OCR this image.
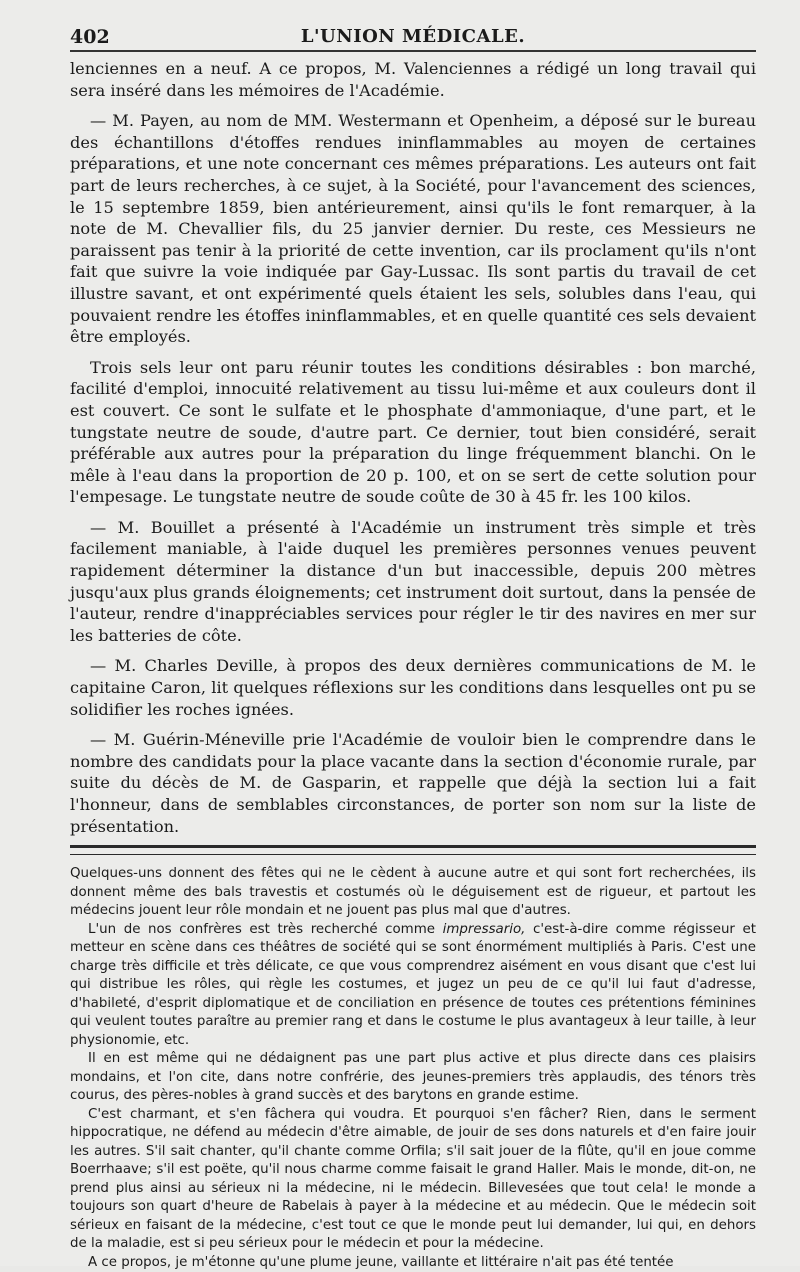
402	L'UNION MÉDICALE.

lenciennes en a neuf. A ce propos, M. Valenciennes a rédigé un long travail qui sera inséré dans les mémoires de l'Académie.

— M. Payen, au nom de MM. Westermann et Openheim, a déposé sur le bureau des échantillons d'étoffes rendues ininflammables au moyen de certaines préparations, et une note concernant ces mêmes préparations. Les auteurs ont fait part de leurs recherches, à ce sujet, à la Société, pour l'avancement des sciences, le 15 septembre 1859, bien antérieurement, ainsi qu'ils le font remarquer, à la note de M. Chevallier fils, du 25 janvier dernier. Du reste, ces Messieurs ne paraissent pas tenir à la priorité de cette invention, car ils proclament qu'ils n'ont fait que suivre la voie indiquée par Gay-Lussac. Ils sont partis du travail de cet illustre savant, et ont expérimenté quels étaient les sels, solubles dans l'eau, qui pouvaient rendre les étoffes ininflammables, et en quelle quantité ces sels devaient être employés.

Trois sels leur ont paru réunir toutes les conditions désirables : bon marché, facilité d'emploi, innocuité relativement au tissu lui-même et aux couleurs dont il est couvert. Ce sont le sulfate et le phosphate d'ammoniaque, d'une part, et le tungstate neutre de soude, d'autre part. Ce dernier, tout bien considéré, serait préférable aux autres pour la préparation du linge fréquemment blanchi. On le mêle à l'eau dans la proportion de 20 p. 100, et on se sert de cette solution pour l'empesage. Le tungstate neutre de soude coûte de 30 à 45 fr. les 100 kilos.

— M. Bouillet a présenté à l'Académie un instrument très simple et très facilement maniable, à l'aide duquel les premières personnes venues peuvent rapidement déterminer la distance d'un but inaccessible, depuis 200 mètres jusqu'aux plus grands éloignements; cet instrument doit surtout, dans la pensée de l'auteur, rendre d'inappréciables services pour régler le tir des navires en mer sur les batteries de côte.

— M. Charles Deville, à propos des deux dernières communications de M. le capitaine Caron, lit quelques réflexions sur les conditions dans lesquelles ont pu se solidifier les roches ignées.

— M. Guérin-Méneville prie l'Académie de vouloir bien le comprendre dans le nombre des candidats pour la place vacante dans la section d'économie rurale, par suite du décès de M. de Gasparin, et rappelle que déjà la section lui a fait l'honneur, dans de semblables circonstances, de porter son nom sur la liste de présentation.

Quelques-uns donnent des fêtes qui ne le cèdent à aucune autre et qui sont fort recherchées, ils donnent même des bals travestis et costumés où le déguisement est de rigueur, et partout les médecins jouent leur rôle mondain et ne jouent pas plus mal que d'autres.

L'un de nos confrères est très recherché comme impressario, c'est-à-dire comme régisseur et metteur en scène dans ces théâtres de société qui se sont énormément multipliés à Paris. C'est une charge très difficile et très délicate, ce que vous comprendrez aisément en vous disant que c'est lui qui distribue les rôles, qui règle les costumes, et jugez un peu de ce qu'il lui faut d'adresse, d'habileté, d'esprit diplomatique et de conciliation en présence de toutes ces prétentions féminines qui veulent toutes paraître au premier rang et dans le costume le plus avantageux à leur taille, à leur physionomie, etc.

Il en est même qui ne dédaignent pas une part plus active et plus directe dans ces plaisirs mondains, et l'on cite, dans notre confrérie, des jeunes-premiers très applaudis, des ténors très courus, des pères-nobles à grand succès et des barytons en grande estime.

C'est charmant, et s'en fâchera qui voudra. Et pourquoi s'en fâcher? Rien, dans le serment hippocratique, ne défend au médecin d'être aimable, de jouir de ses dons naturels et d'en faire jouir les autres. S'il sait chanter, qu'il chante comme Orfila; s'il sait jouer de la flûte, qu'il en joue comme Boerrhaave; s'il est poëte, qu'il nous charme comme faisait le grand Haller. Mais le monde, dit-on, ne prend plus ainsi au sérieux ni la médecine, ni le médecin. Billevesées que tout cela! le monde a toujours son quart d'heure de Rabelais à payer à la médecine et au médecin. Que le médecin soit sérieux en faisant de la médecine, c'est tout ce que le monde peut lui demander, lui qui, en dehors de la maladie, est si peu sérieux pour le médecin et pour la médecine.

A ce propos, je m'étonne qu'une plume jeune, vaillante et littéraire n'ait pas été tentée
